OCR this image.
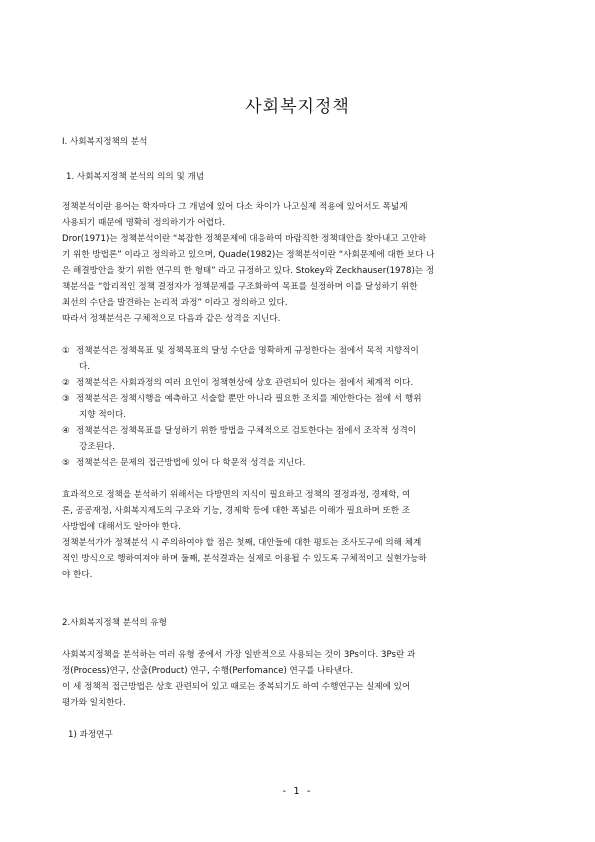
사회복지정책
Ⅰ. 사회복지정책의 분석
1. 사회복지정책 분석의 의의 및 개념
정책분석이란 용어는 학자마다 그 개념에 있어 다소 차이가 나고실제 적용에 있어서도 폭넓게
사용되기 때문에 명확히 정의하기가 어렵다.
Dror(1971)는 정책분석이란 “복잡한 정책문제에 대응하여 바람직한 정책대안을 찾아내고 고안하
기 위한 방법론” 이라고 정의하고 있으며, Quade(1982)는 정책분석이란 “사회문제에 대한 보다 나
은 해결방안을 찾기 위한 연구의 한 형태” 라고 규정하고 있다. Stokey와 Zeckhauser(1978)는 정
책분석을 “합리적인 정책 결정자가 정책문제를 구조화하여 목표를 설정하며 이를 달성하기 위한
최선의 수단을 발견하는 논리적 과정” 이라고 정의하고 있다.
따라서 정책분석은 구체적으로 다음과 같은 성격을 지닌다.
① 정책분석은 정책목표 및 정책목표의 달성 수단을 명확하게 규정한다는 점에서 목적 지향적이
다.
② 정책분석은 사회과정의 여러 요인이 정책현상에 상호 관련되어 있다는 점에서 체계적 이다.
③ 정책분석은 정책시행을 예측하고 서술할 뿐만 아니라 필요한 조치를 제안한다는 점에 서 행위
지향 적이다.
④ 정책분석은 정책목표를 달성하기 위한 방법을 구체적으로 검토한다는 점에서 조작적 성격이
강조된다.
⑤ 정책분석은 문제의 접근방법에 있어 다 학문적 성격을 지닌다.
효과적으로 정책을 분석하기 위해서는 다방면의 지식이 필요하고 정책의 결정과정, 경제학, 여
론, 공공재정, 사회복지제도의 구조와 기능, 경제학 등에 대한 폭넓은 이해가 필요하며 또한 조
사방법에 대해서도 알아야 한다.
정책분석가가 정책분석 시 주의하여야 할 점은 첫째, 대안들에 대한 평토는 조사도구에 의해 체계
적인 방식으로 행하여져야 하며 둘째, 분석결과는 실제로 이용될 수 있도록 구체적이고 실현가능하
야 한다.
2.사회복지정책 분석의 유형
사회복지정책을 분석하는 여러 유형 중에서 가장 일반적으로 사용되는 것이 3Ps이다. 3Ps란 과
정(Process)연구, 산출(Product) 연구, 수행(Perfomance) 연구를 나타낸다.
이 세 정책적 접근방법은 상호 관련되어 있고 때로는 중복되기도 하여 수행연구는 실제에 있어
평가와 일치한다.
1) 과정연구
- 1 -
